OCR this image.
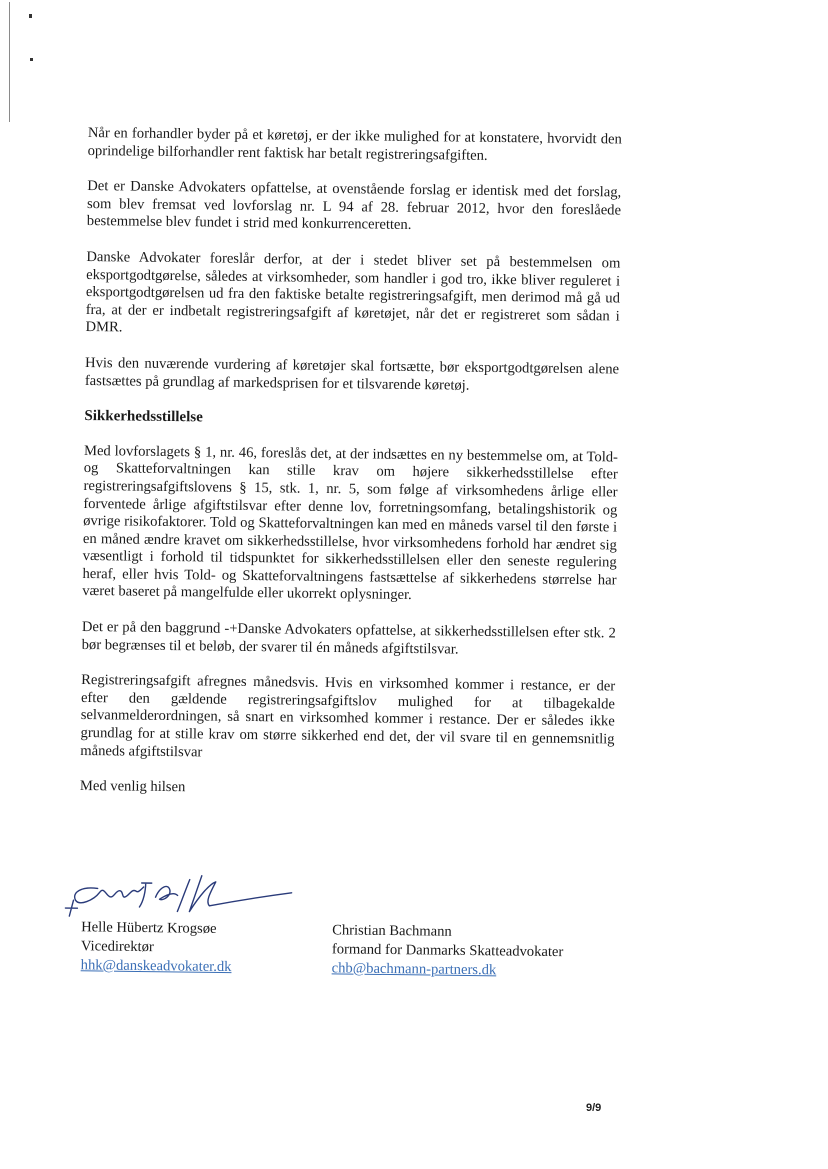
Når en forhandler byder på et køretøj, er der ikke mulighed for at konstatere, hvorvidt den oprindelige bilforhandler rent faktisk har betalt registreringsafgiften.

Det er Danske Advokaters opfattelse, at ovenstående forslag er identisk med det forslag, som blev fremsat ved lovforslag nr. L 94 af 28. februar 2012, hvor den foreslåede bestemmelse blev fundet i strid med konkurrenceretten.

Danske Advokater foreslår derfor, at der i stedet bliver set på bestemmelsen om eksportgodtgørelse, således at virksomheder, som handler i god tro, ikke bliver reguleret i eksportgodtgørelsen ud fra den faktiske betalte registreringsafgift, men derimod må gå ud fra, at der er indbetalt registreringsafgift af køretøjet, når det er registreret som sådan i DMR.

Hvis den nuværende vurdering af køretøjer skal fortsætte, bør eksportgodtgørelsen alene fastsættes på grundlag af markedsprisen for et tilsvarende køretøj.

Sikkerhedsstillelse

Med lovforslagets § 1, nr. 46, foreslås det, at der indsættes en ny bestemmelse om, at Told- og Skatteforvaltningen kan stille krav om højere sikkerhedsstillelse efter registreringsafgiftslovens § 15, stk. 1, nr. 5, som følge af virksomhedens årlige eller forventede årlige afgiftstilsvar efter denne lov, forretningsomfang, betalingshistorik og øvrige risikofaktorer. Told og Skatteforvaltningen kan med en måneds varsel til den første i en måned ændre kravet om sikkerhedsstillelse, hvor virksomhedens forhold har ændret sig væsentligt i forhold til tidspunktet for sikkerhedsstillelsen eller den seneste regulering heraf, eller hvis Told- og Skatteforvaltningens fastsættelse af sikkerhedens størrelse har været baseret på mangelfulde eller ukorrekt oplysninger.

Det er på den baggrund -+Danske Advokaters opfattelse, at sikkerhedsstillelsen efter stk. 2 bør begrænses til et beløb, der svarer til én måneds afgiftstilsvar.

Registreringsafgift afregnes månedsvis. Hvis en virksomhed kommer i restance, er der efter den gældende registreringsafgiftslov mulighed for at tilbagekalde selvanmelderordningen, så snart en virksomhed kommer i restance. Der er således ikke grundlag for at stille krav om større sikkerhed end det, der vil svare til en gennemsnitlig måneds afgiftstilsvar

Med venlig hilsen

Helle Hübertz Krogsøe
Vicedirektør
hhk@danskeadvokater.dk
Christian Bachmann
formand for Danmarks Skatteadvokater
chb@bachmann-partners.dk
9/9
